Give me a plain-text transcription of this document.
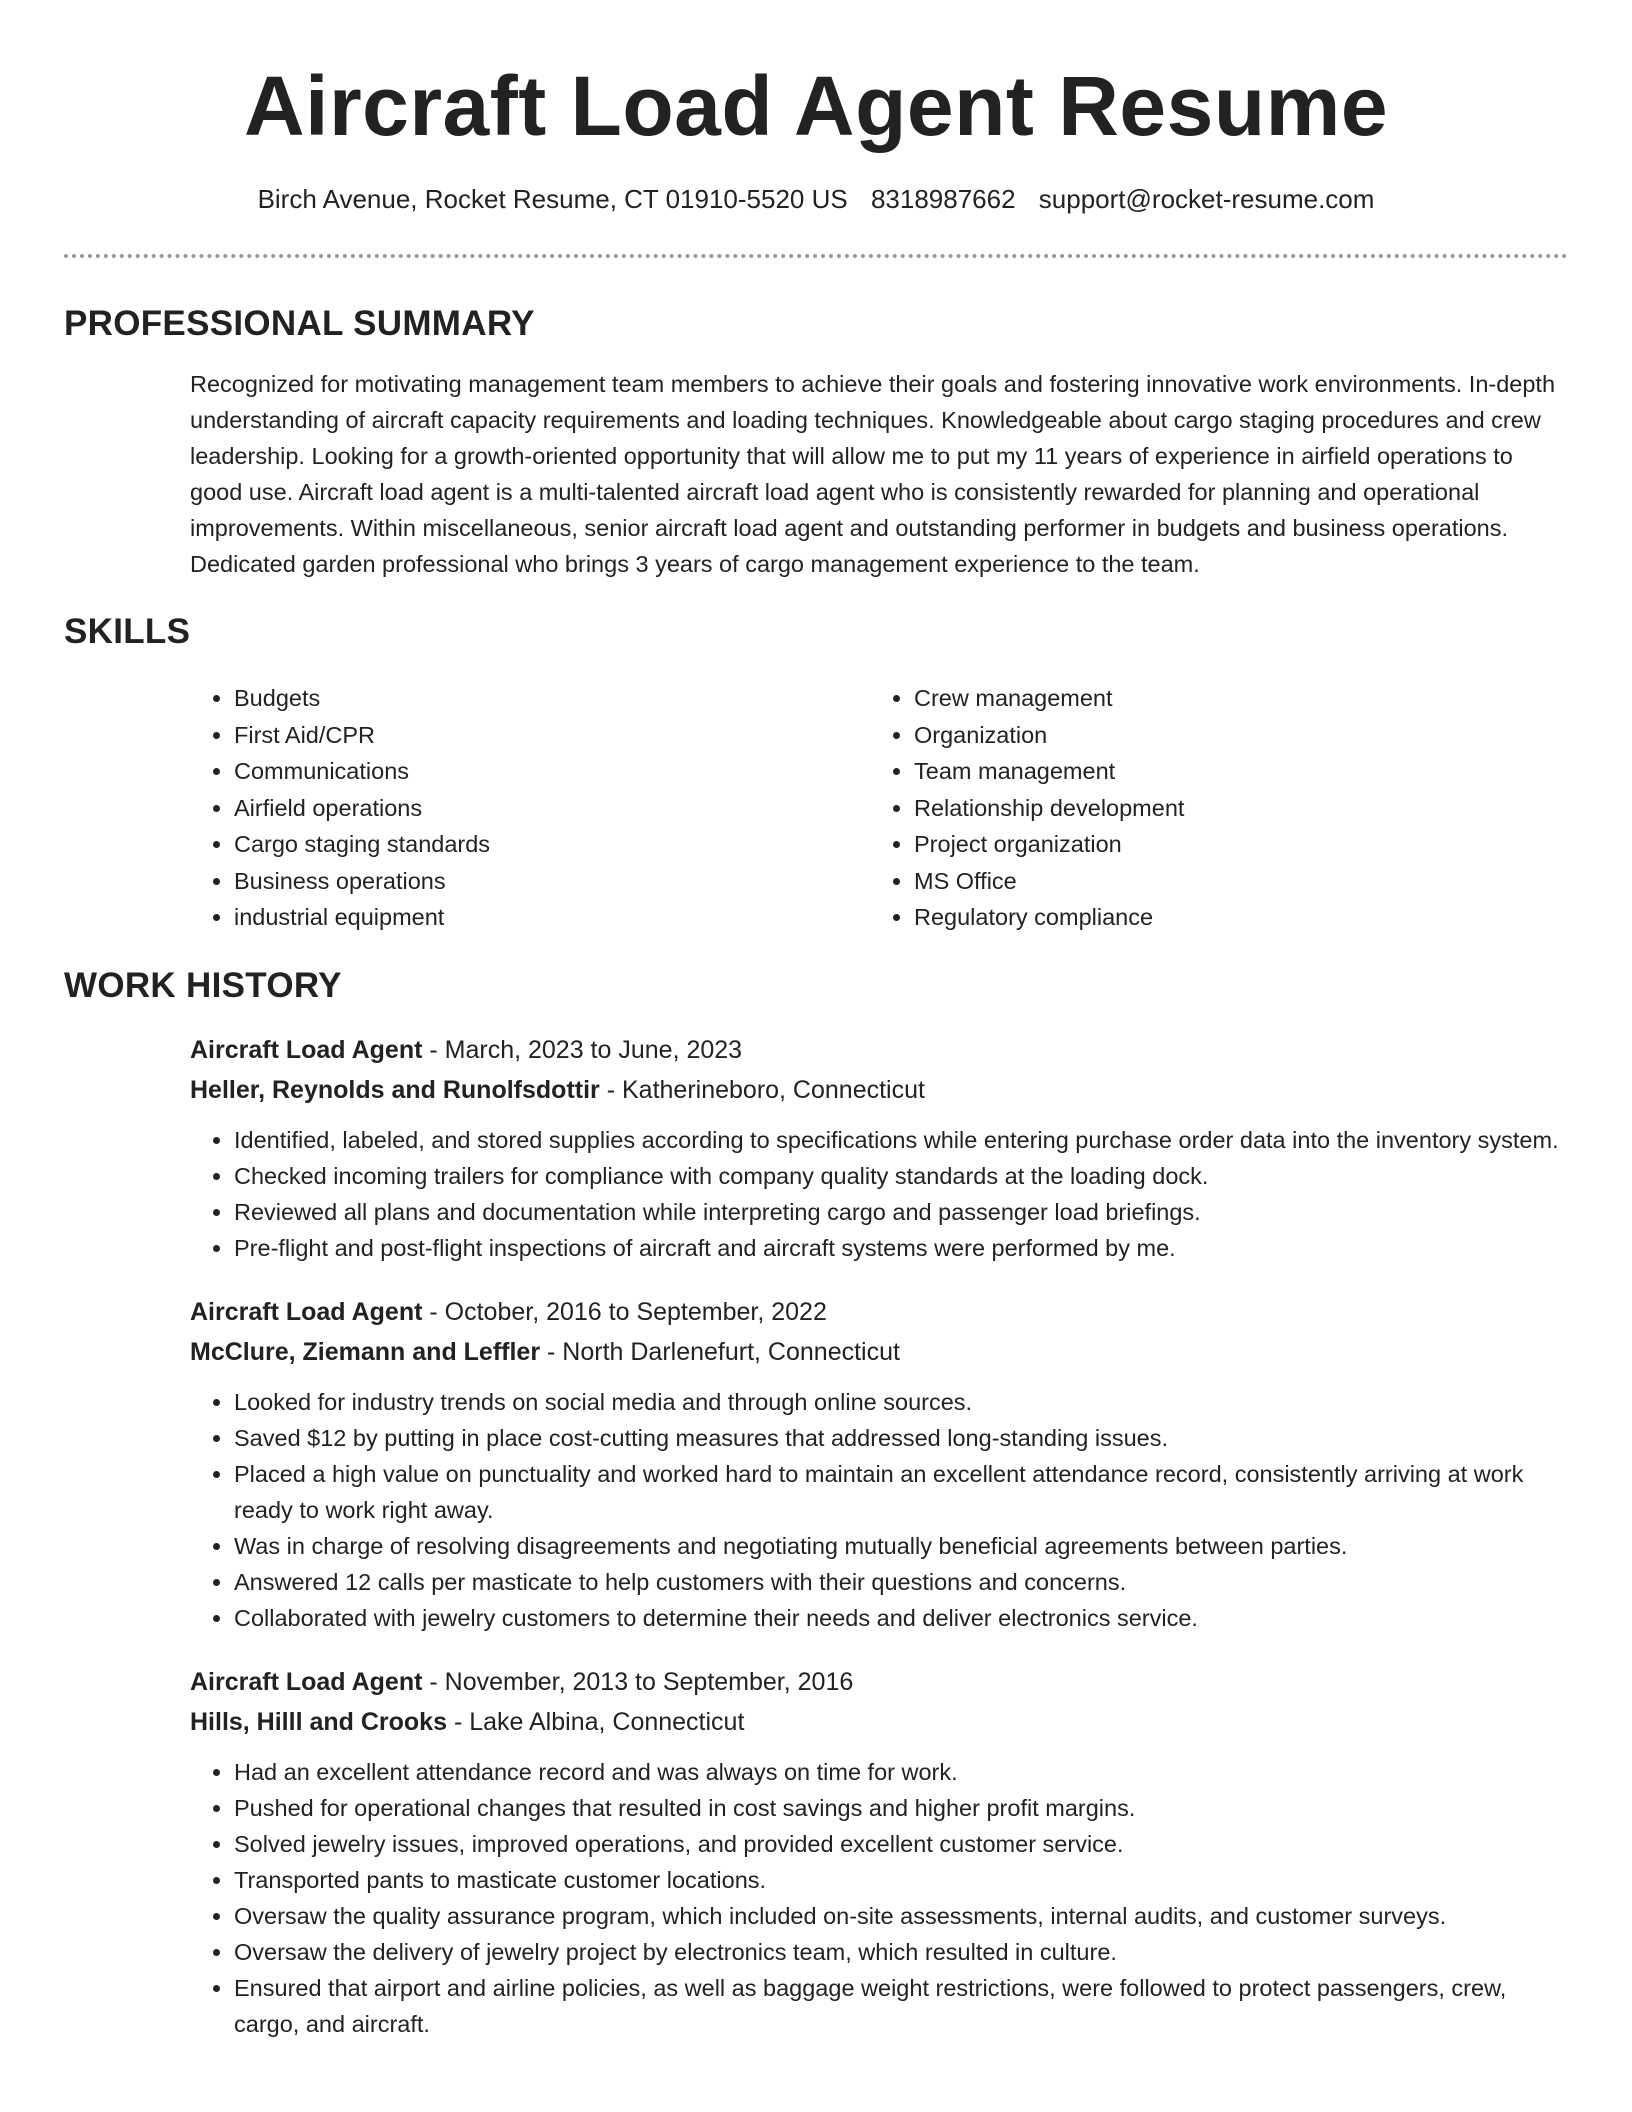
Aircraft Load Agent Resume
Birch Avenue, Rocket Resume, CT 01910-5520 US 8318987662 support@rocket-resume.com
PROFESSIONAL SUMMARY

Recognized for motivating management team members to achieve their goals and fostering innovative work environments. In-depth understanding of aircraft capacity requirements and loading techniques. Knowledgeable about cargo staging procedures and crew leadership. Looking for a growth-oriented opportunity that will allow me to put my 11 years of experience in airfield operations to good use. Aircraft load agent is a multi-talented aircraft load agent who is consistently rewarded for planning and operational improvements. Within miscellaneous, senior aircraft load agent and outstanding performer in budgets and business operations. Dedicated garden professional who brings 3 years of cargo management experience to the team.

SKILLS
• Budgets
• First Aid/CPR
• Communications
• Airfield operations
• Cargo staging standards
• Business operations
• industrial equipment
• Crew management
• Organization
• Team management
• Relationship development
• Project organization
• MS Office
• Regulatory compliance
WORK HISTORY
Aircraft Load Agent - March, 2023 to June, 2023
Heller, Reynolds and Runolfsdottir - Katherineboro, Connecticut
• Identified, labeled, and stored supplies according to specifications while entering purchase order data into the inventory system.
• Checked incoming trailers for compliance with company quality standards at the loading dock.
• Reviewed all plans and documentation while interpreting cargo and passenger load briefings.
• Pre-flight and post-flight inspections of aircraft and aircraft systems were performed by me.
Aircraft Load Agent - October, 2016 to September, 2022
McClure, Ziemann and Leffler - North Darlenefurt, Connecticut
• Looked for industry trends on social media and through online sources.
• Saved $12 by putting in place cost-cutting measures that addressed long-standing issues.
• Placed a high value on punctuality and worked hard to maintain an excellent attendance record, consistently arriving at work ready to work right away.
• Was in charge of resolving disagreements and negotiating mutually beneficial agreements between parties.
• Answered 12 calls per masticate to help customers with their questions and concerns.
• Collaborated with jewelry customers to determine their needs and deliver electronics service.
Aircraft Load Agent - November, 2013 to September, 2016
Hills, Hilll and Crooks - Lake Albina, Connecticut
• Had an excellent attendance record and was always on time for work.
• Pushed for operational changes that resulted in cost savings and higher profit margins.
• Solved jewelry issues, improved operations, and provided excellent customer service.
• Transported pants to masticate customer locations.
• Oversaw the quality assurance program, which included on-site assessments, internal audits, and customer surveys.
• Oversaw the delivery of jewelry project by electronics team, which resulted in culture.
• Ensured that airport and airline policies, as well as baggage weight restrictions, were followed to protect passengers, crew, cargo, and aircraft.
